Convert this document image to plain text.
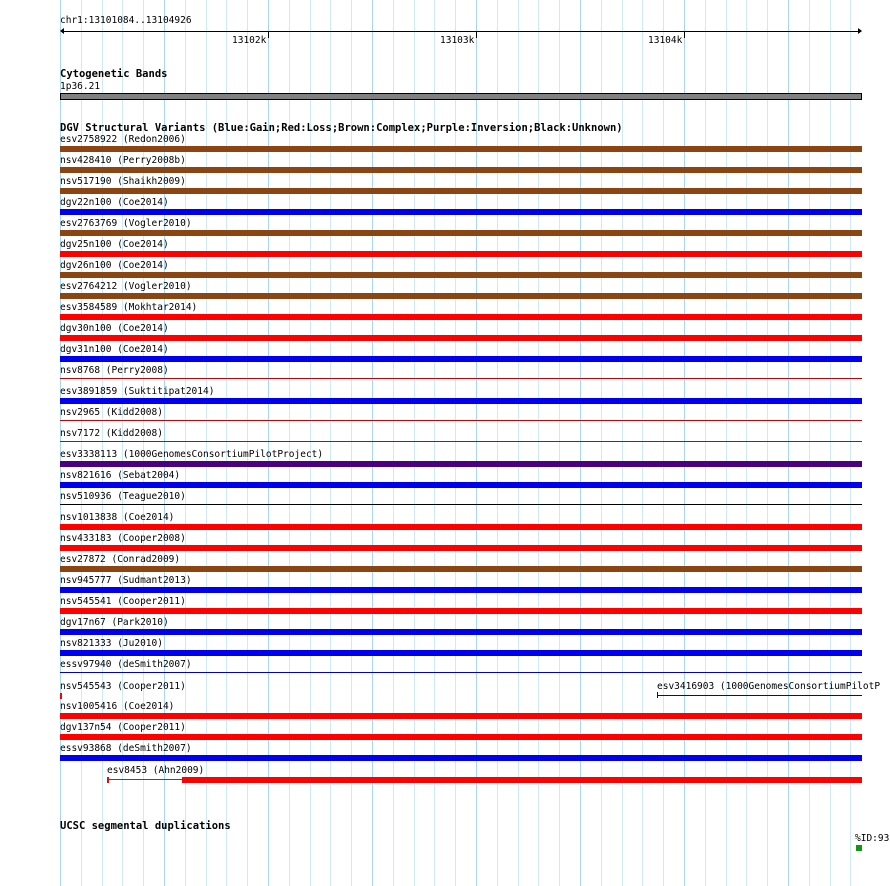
chr1:13101084..13104926
13102k	13103k	13104k
Cytogenetic Bands
1p36.21
DGV Structural Variants (Blue:Gain;Red:Loss;Brown:Complex;Purple:Inversion;Black:Unknown)
esv2758922 (Redon2006)
nsv428410 (Perry2008b)
nsv517190 (Shaikh2009)
dgv22n100 (Coe2014)
esv2763769 (Vogler2010)
dgv25n100 (Coe2014)
dgv26n100 (Coe2014)
esv2764212 (Vogler2010)
esv3584589 (Mokhtar2014)
dgv30n100 (Coe2014)
dgv31n100 (Coe2014)
nsv8768 (Perry2008)
esv3891859 (Suktitipat2014)
nsv2965 (Kidd2008)
nsv7172 (Kidd2008)
esv3338113 (1000GenomesConsortiumPilotProject)
nsv821616 (Sebat2004)
nsv510936 (Teague2010)
nsv1013838 (Coe2014)
nsv433183 (Cooper2008)
esv27872 (Conrad2009)
nsv945777 (Sudmant2013)
nsv545541 (Cooper2011)
dgv17n67 (Park2010)
nsv821333 (Ju2010)
essv97940 (deSmith2007)
nsv1005416 (Coe2014)
dgv137n54 (Cooper2011)
essv93868 (deSmith2007)
nsv545543 (Cooper2011)	esv3416903 (1000GenomesConsortiumPilotP
esv8453 (Ahn2009)
UCSC segmental duplications
%ID:93
